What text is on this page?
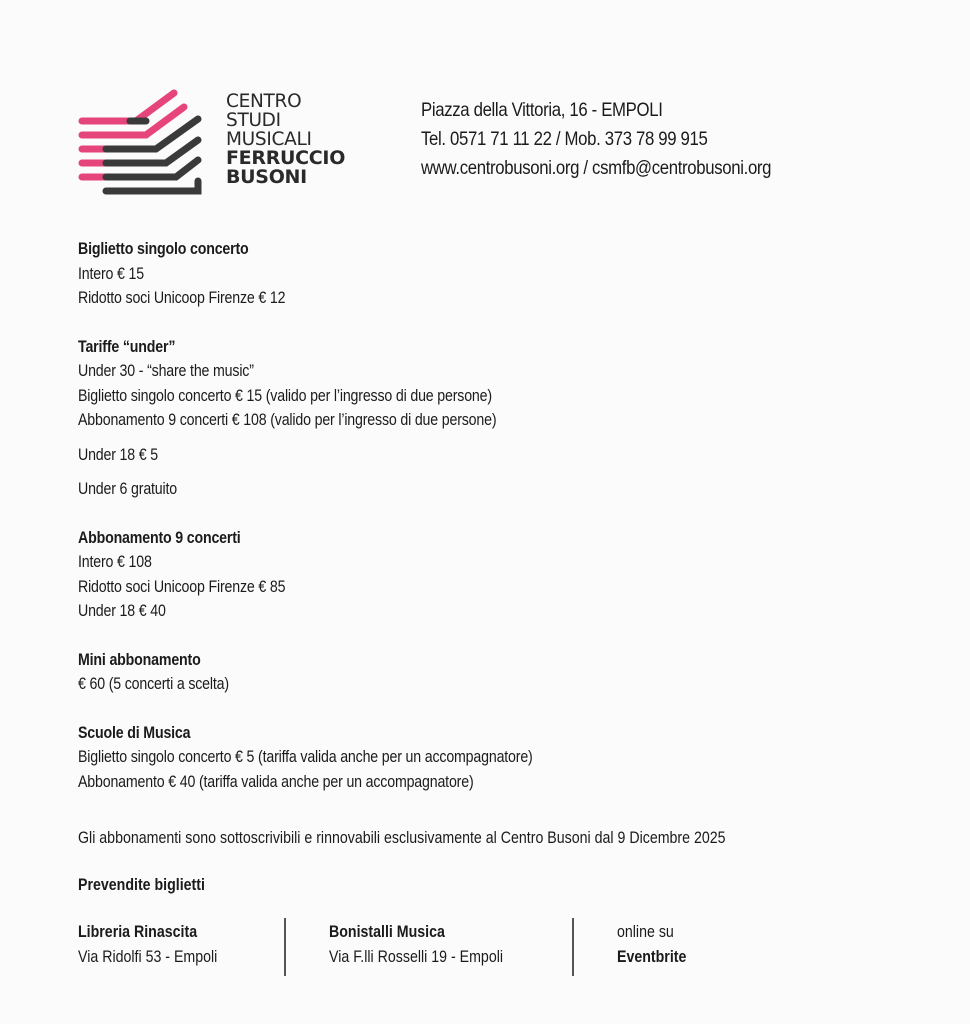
CENTRO
STUDI
MUSICALI
FERRUCCIO
BUSONI
Piazza della Vittoria, 16 - EMPOLI
Tel. 0571 71 11 22 / Mob. 373 78 99 915
www.centrobusoni.org / csmfb@centrobusoni.org
Biglietto singolo concerto
Intero € 15
Ridotto soci Unicoop Firenze € 12
Tariffe “under”
Under 30 - “share the music”
Biglietto singolo concerto € 15 (valido per l’ingresso di due persone)
Abbonamento 9 concerti € 108 (valido per l’ingresso di due persone)
Under 18 € 5
Under 6 gratuito
Abbonamento 9 concerti
Intero € 108
Ridotto soci Unicoop Firenze € 85
Under 18 € 40
Mini abbonamento
€ 60 (5 concerti a scelta)
Scuole di Musica
Biglietto singolo concerto € 5 (tariffa valida anche per un accompagnatore)
Abbonamento € 40 (tariffa valida anche per un accompagnatore)
Gli abbonamenti sono sottoscrivibili e rinnovabili esclusivamente al Centro Busoni dal 9 Dicembre 2025
Prevendite biglietti
Libreria Rinascita
Via Ridolfi 53 - Empoli
Bonistalli Musica
Via F.lli Rosselli 19 - Empoli
online su
Eventbrite
